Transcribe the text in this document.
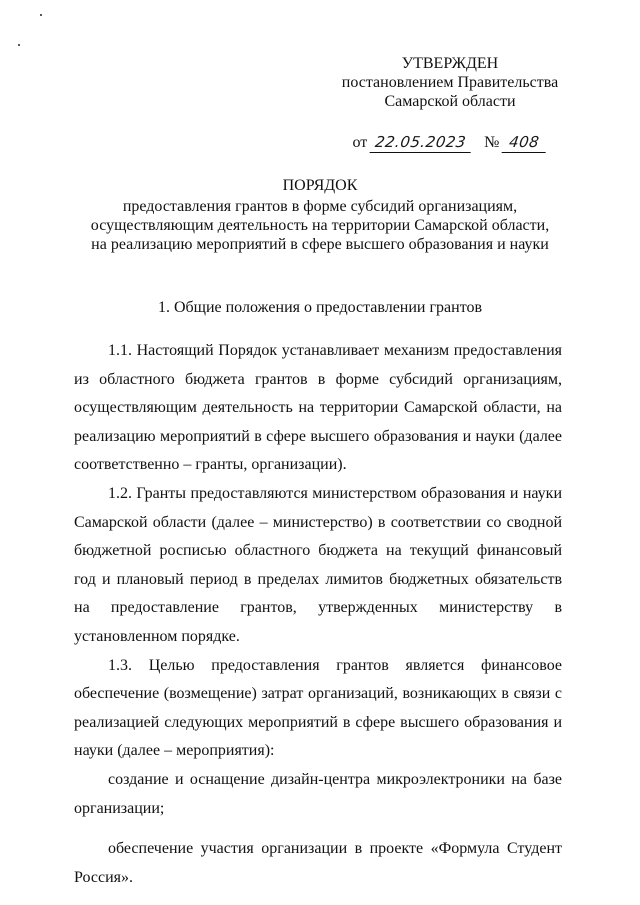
УТВЕРЖДЕН
постановлением Правительства
Самарской области
от 22.05.2023 № 408
ПОРЯДОК
предоставления грантов в форме субсидий организациям,
осуществляющим деятельность на территории Самарской области,
на реализацию мероприятий в сфере высшего образования и науки
1. Общие положения о предоставлении грантов

1.1. Настоящий Порядок устанавливает механизм предоставления из областного бюджета грантов в форме субсидий организациям, осуществляющим деятельность на территории Самарской области, на реализацию мероприятий в сфере высшего образования и науки (далее соответственно – гранты, организации).

1.2. Гранты предоставляются министерством образования и науки Самарской области (далее – министерство) в соответствии со сводной бюджетной росписью областного бюджета на текущий финансовый год и плановый период в пределах лимитов бюджетных обязательств на предоставление грантов, утвержденных министерству в установленном порядке.

1.3. Целью предоставления грантов является финансовое обеспечение (возмещение) затрат организаций, возникающих в связи с реализацией следующих мероприятий в сфере высшего образования и науки (далее – мероприятия):

создание и оснащение дизайн-центра микроэлектроники на базе организации;

обеспечение участия организации в проекте «Формула Студент Россия».
